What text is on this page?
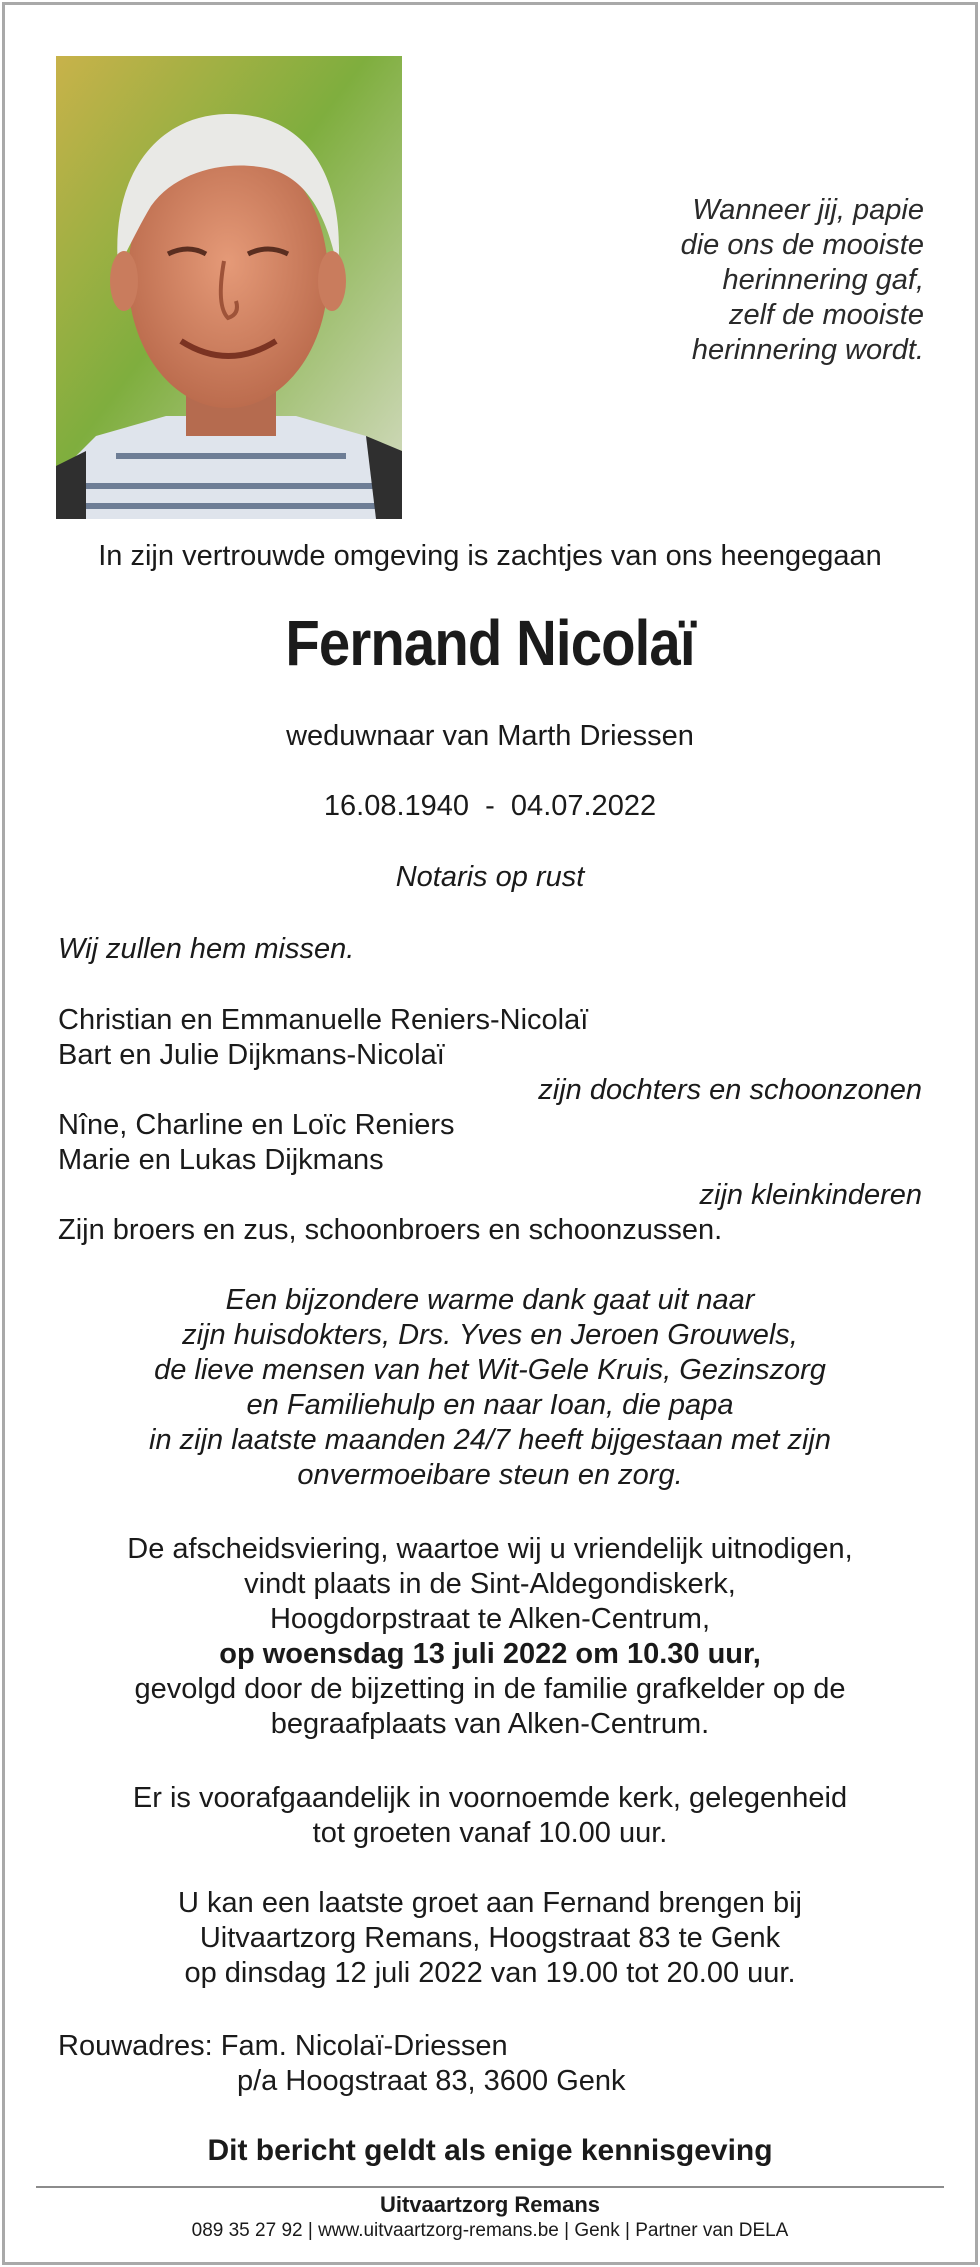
Wanneer jij, papie
die ons de mooiste
herinnering gaf,
zelf de mooiste
herinnering wordt.
In zijn vertrouwde omgeving is zachtjes van ons heengegaan
Fernand Nicolaï
weduwnaar van Marth Driessen
16.08.1940  -  04.07.2022
Notaris op rust
Wij zullen hem missen.
Christian en Emmanuelle Reniers-Nicolaï
Bart en Julie Dijkmans-Nicolaï
zijn dochters en schoonzonen
Nîne, Charline en Loïc Reniers
Marie en Lukas Dijkmans
zijn kleinkinderen
Zijn broers en zus, schoonbroers en schoonzussen.
Een bijzondere warme dank gaat uit naar
zijn huisdokters, Drs. Yves en Jeroen Grouwels,
de lieve mensen van het Wit-Gele Kruis, Gezinszorg
en Familiehulp en naar Ioan, die papa
in zijn laatste maanden 24/7 heeft bijgestaan met zijn
onvermoeibare steun en zorg.
De afscheidsviering, waartoe wij u vriendelijk uitnodigen,
vindt plaats in de Sint-Aldegondiskerk,
Hoogdorpstraat te Alken-Centrum,
op woensdag 13 juli 2022 om 10.30 uur,
gevolgd door de bijzetting in de familie grafkelder op de
begraafplaats van Alken-Centrum.
Er is voorafgaandelijk in voornoemde kerk, gelegenheid
tot groeten vanaf 10.00 uur.
U kan een laatste groet aan Fernand brengen bij
Uitvaartzorg Remans, Hoogstraat 83 te Genk
op dinsdag 12 juli 2022 van 19.00 tot 20.00 uur.
Rouwadres: Fam. Nicolaï-Driessen
p/a Hoogstraat 83, 3600 Genk
Dit bericht geldt als enige kennisgeving
Uitvaartzorg Remans
089 35 27 92 | www.uitvaartzorg-remans.be | Genk | Partner van DELA
